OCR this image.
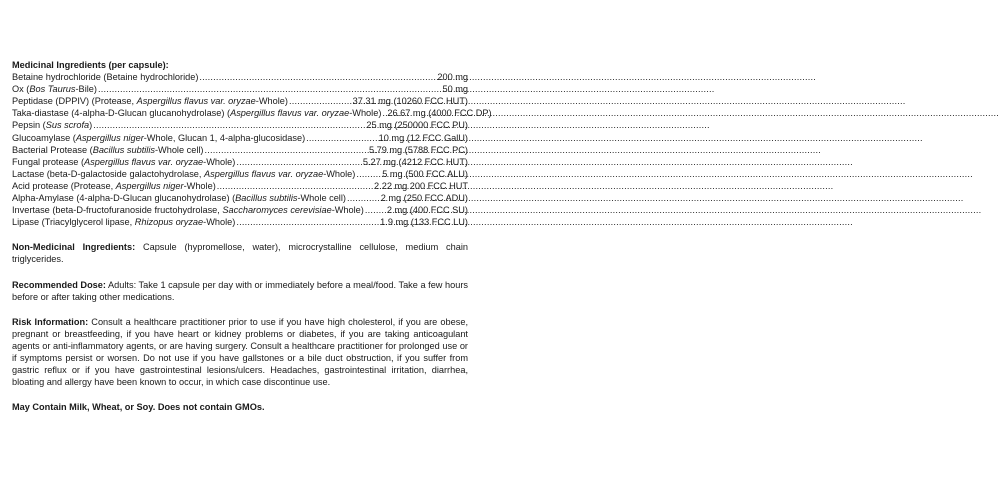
Medicinal Ingredients (per capsule):
Betaine hydrochloride (Betaine hydrochloride) .....	200 mg
Ox (Bos Taurus-Bile) .....	50 mg
Peptidase (DPPIV) (Protease, Aspergillus flavus var. oryzae-Whole) .....	37.31 mg (10260 FCC HUT)
Taka-diastase (4-alpha-D-Glucan glucanohydrolase) (Aspergillus flavus var. oryzae-Whole) ..... 26.67 mg (4000 FCC DP)
Pepsin (Sus scrofa) .....	25 mg (250000 FCC PU)
Glucoamylase (Aspergillus niger-Whole, Glucan 1, 4-alpha-glucosidase) .....	10 mg (12 FCC GalU)
Bacterial Protease (Bacillus subtilis-Whole cell) .....	5.79 mg (5788 FCC PC)
Fungal protease (Aspergillus flavus var. oryzae-Whole) .....	5.27 mg (4212 FCC HUT)
Lactase (beta-D-galactoside galactohydrolase, Aspergillus flavus var. oryzae-Whole) .....	5 mg (500 FCC ALU)
Acid protease (Protease, Aspergillus niger-Whole) .....	2.22 mg 200 FCC HUT
Alpha-Amylase (4-alpha-D-Glucan glucanohydrolase) (Bacillus subtilis-Whole cell) .....	2 mg (250 FCC ADU)
Invertase (beta-D-fructofuranoside fructohydrolase, Saccharomyces cerevisiae-Whole) ..... 2 mg (400 FCC SU)
Lipase (Triacylglycerol lipase, Rhizopus oryzae-Whole) .....	1.9 mg (133 FCC LU)

Non-Medicinal Ingredients: Capsule (hypromellose, water), microcrystalline cellulose, medium chain triglycerides.

Recommended Dose: Adults: Take 1 capsule per day with or immediately before a meal/food. Take a few hours before or after taking other medications.

Risk Information: Consult a healthcare practitioner prior to use if you have high cholesterol, if you are obese, pregnant or breastfeeding, if you have heart or kidney problems or diabetes, if you are taking anticoagulant agents or anti-inflammatory agents, or are having surgery. Consult a healthcare practitioner for prolonged use or if symptoms persist or worsen. Do not use if you have gallstones or a bile duct obstruction, if you suffer from gastric reflux or if you have gastrointestinal lesions/ulcers. Headaches, gastrointestinal irritation, diarrhea, bloating and allergy have been known to occur, in which case discontinue use.

May Contain Milk, Wheat, or Soy. Does not contain GMOs.
